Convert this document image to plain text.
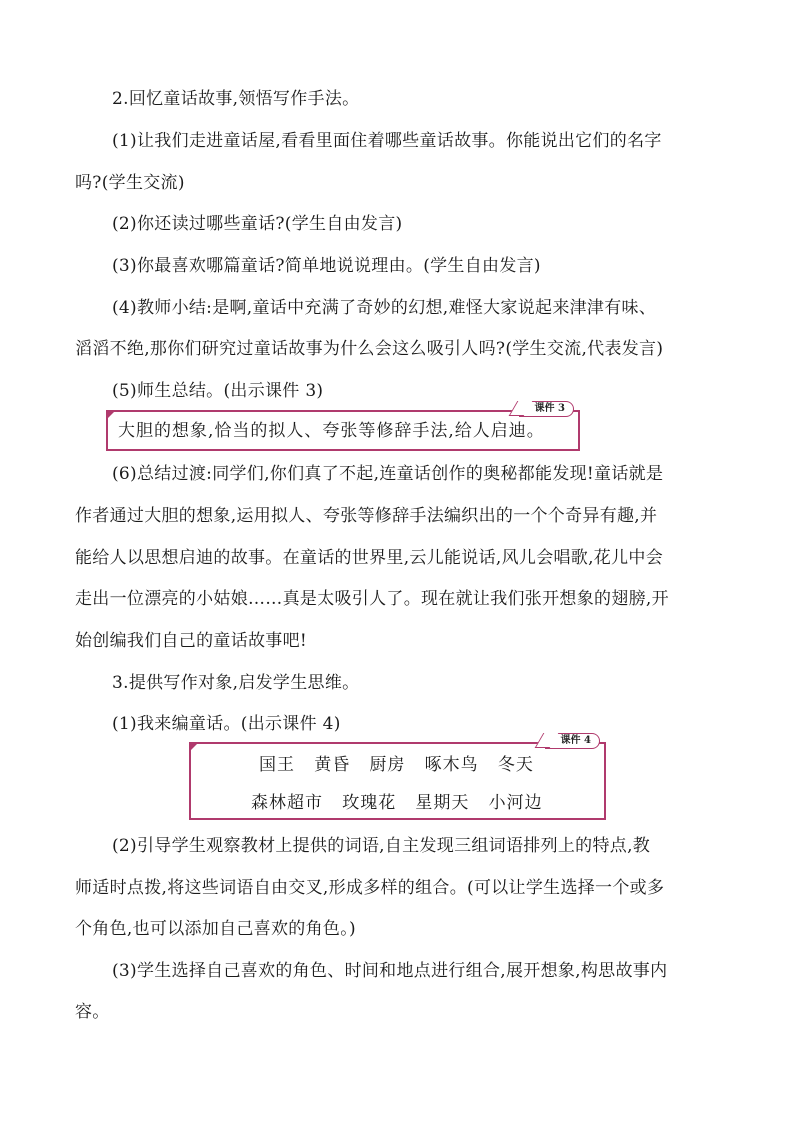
2.回忆童话故事,领悟写作手法。
(1)让我们走进童话屋,看看里面住着哪些童话故事。你能说出它们的名字
吗?(学生交流)
(2)你还读过哪些童话?(学生自由发言)
(3)你最喜欢哪篇童话?简单地说说理由。(学生自由发言)
(4)教师小结:是啊,童话中充满了奇妙的幻想,难怪大家说起来津津有味、
滔滔不绝,那你们研究过童话故事为什么会这么吸引人吗?(学生交流,代表发言)
(5)师生总结。(出示课件 3)
课件 3
大胆的想象,恰当的拟人、夸张等修辞手法,给人启迪。
(6)总结过渡:同学们,你们真了不起,连童话创作的奥秘都能发现!童话就是
作者通过大胆的想象,运用拟人、夸张等修辞手法编织出的一个个奇异有趣,并
能给人以思想启迪的故事。在童话的世界里,云儿能说话,风儿会唱歌,花儿中会
走出一位漂亮的小姑娘……真是太吸引人了。现在就让我们张开想象的翅膀,开
始创编我们自己的童话故事吧!
3.提供写作对象,启发学生思维。
(1)我来编童话。(出示课件 4)
课件 4
国王   黄昏   厨房   啄木鸟   冬天
森林超市   玫瑰花   星期天   小河边
(2)引导学生观察教材上提供的词语,自主发现三组词语排列上的特点,教
师适时点拨,将这些词语自由交叉,形成多样的组合。(可以让学生选择一个或多
个角色,也可以添加自己喜欢的角色。)
(3)学生选择自己喜欢的角色、时间和地点进行组合,展开想象,构思故事内
容。
